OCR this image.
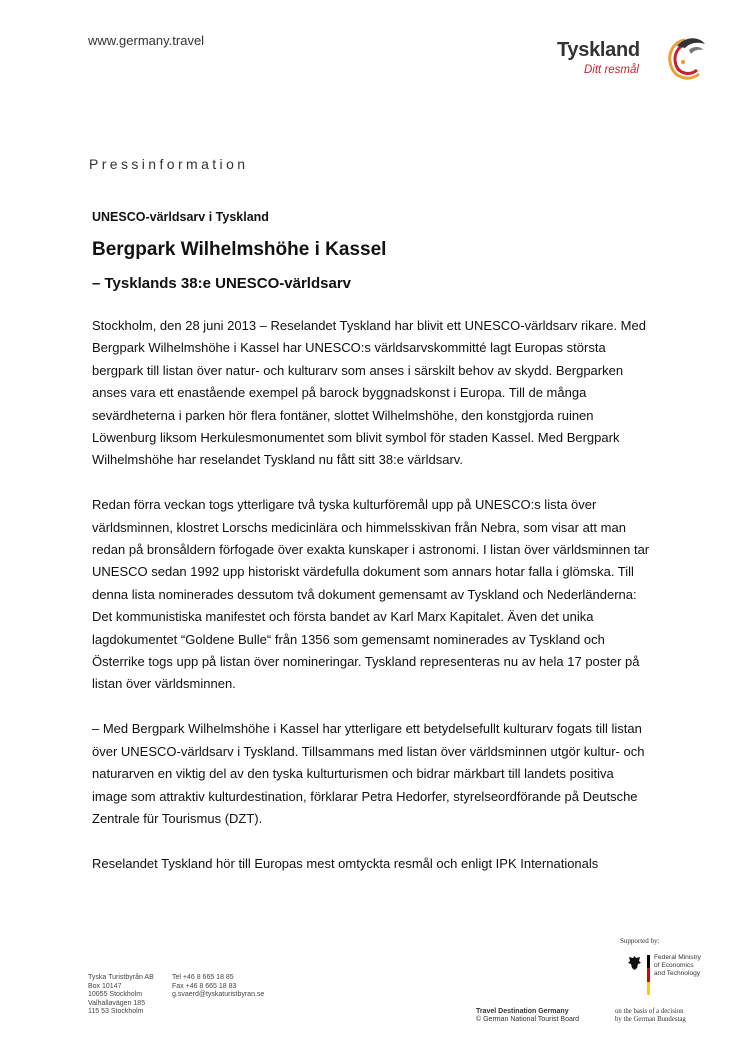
www.germany.travel	Tyskland
Ditt resmål
Pressinformation
UNESCO-världsarv i Tyskland
Bergpark Wilhelmshöhe i Kassel
– Tysklands 38:e UNESCO-världsarv

Stockholm, den 28 juni 2013 – Reselandet Tyskland har blivit ett UNESCO-världsarv rikare. Med Bergpark Wilhelmshöhe i Kassel har UNESCO:s världsarvskommitté lagt Europas största bergpark till listan över natur- och kulturarv som anses i särskilt behov av skydd. Bergparken anses vara ett enastående exempel på barock byggnadskonst i Europa. Till de många sevärdheterna i parken hör flera fontäner, slottet Wilhelmshöhe, den konstgjorda ruinen Löwenburg liksom Herkulesmonumentet som blivit symbol för staden Kassel. Med Bergpark Wilhelmshöhe har reselandet Tyskland nu fått sitt 38:e världsarv.

Redan förra veckan togs ytterligare två tyska kulturföremål upp på UNESCO:s lista över världsminnen, klostret Lorschs medicinlära och himmelsskivan från Nebra, som visar att man redan på bronsåldern förfogade över exakta kunskaper i astronomi. I listan över världsminnen tar UNESCO sedan 1992 upp historiskt värdefulla dokument som annars hotar falla i glömska. Till denna lista nominerades dessutom två dokument gemensamt av Tyskland och Nederländerna: Det kommunistiska manifestet och första bandet av Karl Marx Kapitalet. Även det unika lagdokumentet “Goldene Bulle“ från 1356 som gemensamt nominerades av Tyskland och Österrike togs upp på listan över nomineringar. Tyskland representeras nu av hela 17 poster på listan över världsminnen.

– Med Bergpark Wilhelmshöhe i Kassel har ytterligare ett betydelsefullt kulturarv fogats till listan över UNESCO-världsarv i Tyskland. Tillsammans med listan över världsminnen utgör kultur- och naturarven en viktig del av den tyska kulturturismen och bidrar märkbart till landets positiva image som attraktiv kulturdestination, förklarar Petra Hedorfer, styrelseordförande på Deutsche Zentrale für Tourismus (DZT).

Reselandet Tyskland hör till Europas mest omtyckta resmål och enligt IPK Internationals

Supported by:
Federal Ministry
of Economics
and Technology
Tyska Turistbyrån AB
Box 10147
10055 Stockholm
Valhallavägen 185
115 53 Stockholm
Tel +46 8 665 18 85
Fax +46 8 665 18 83
g.svaerd@tyskaturistbyran.se
Travel Destination Germany
© German National Tourist Board
on the basis of a decision
by the German Bundestag
